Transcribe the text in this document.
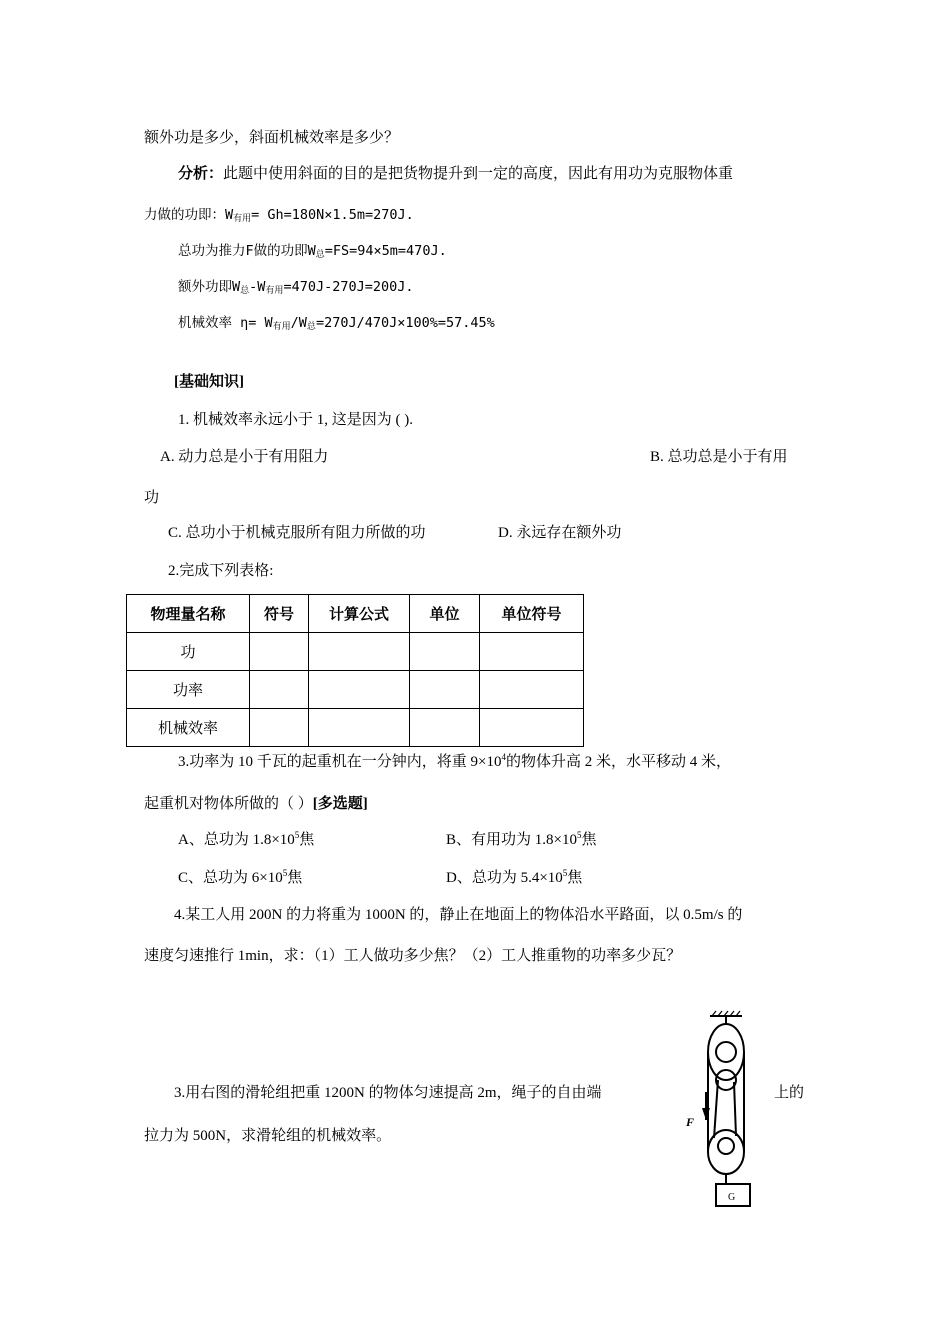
额外功是多少，斜面机械效率是多少？
分析：此题中使用斜面的目的是把货物提升到一定的高度，因此有用功为克服物体重
力做的功即：$W_{有用}= Gh=180N\times 1.5m=270J$.
总功为推力F做的功即$W_总=FS=94\times 5m=470J$.
额外功即$W_总-W_{有用}=470J-270J=200J$.
机械效率 $\eta= W_{有用}/W_总=270J/470J\times 100\%=57.45\%$
[基础知识]
1. 机械效率永远小于 1, 这是因为 ( ).
A. 动力总是小于有用阻力	B. 总功总是小于有用
功
C. 总功小于机械克服所有阻力所做的功	D. 永远存在额外功
2.完成下列表格:
物理量名称	符号	计算公式	单位	单位符号
功				
功率				
机械效率				
3.功率为 10 千瓦的起重机在一分钟内，将重 $9\times 10^4$的物体升高 2 米，水平移动 4 米，
起重机对物体所做的（ ）[多选题]
A、总功为 $1.8\times 10^5$焦	B、有用功为 $1.8\times 10^5$焦
C、总功为 $6\times 10^5$焦	D、总功为 $5.4\times 10^5$焦
4.某工人用 200N 的力将重为 1000N 的，静止在地面上的物体沿水平路面，以 0.5m/s 的
速度匀速推行 1min，求：（1）工人做功多少焦？（2）工人推重物的功率多少瓦？
3.用右图的滑轮组把重 1200N 的物体匀速提高 2m，绳子的自由端	上的
拉力为 500N，求滑轮组的机械效率。
F
G
